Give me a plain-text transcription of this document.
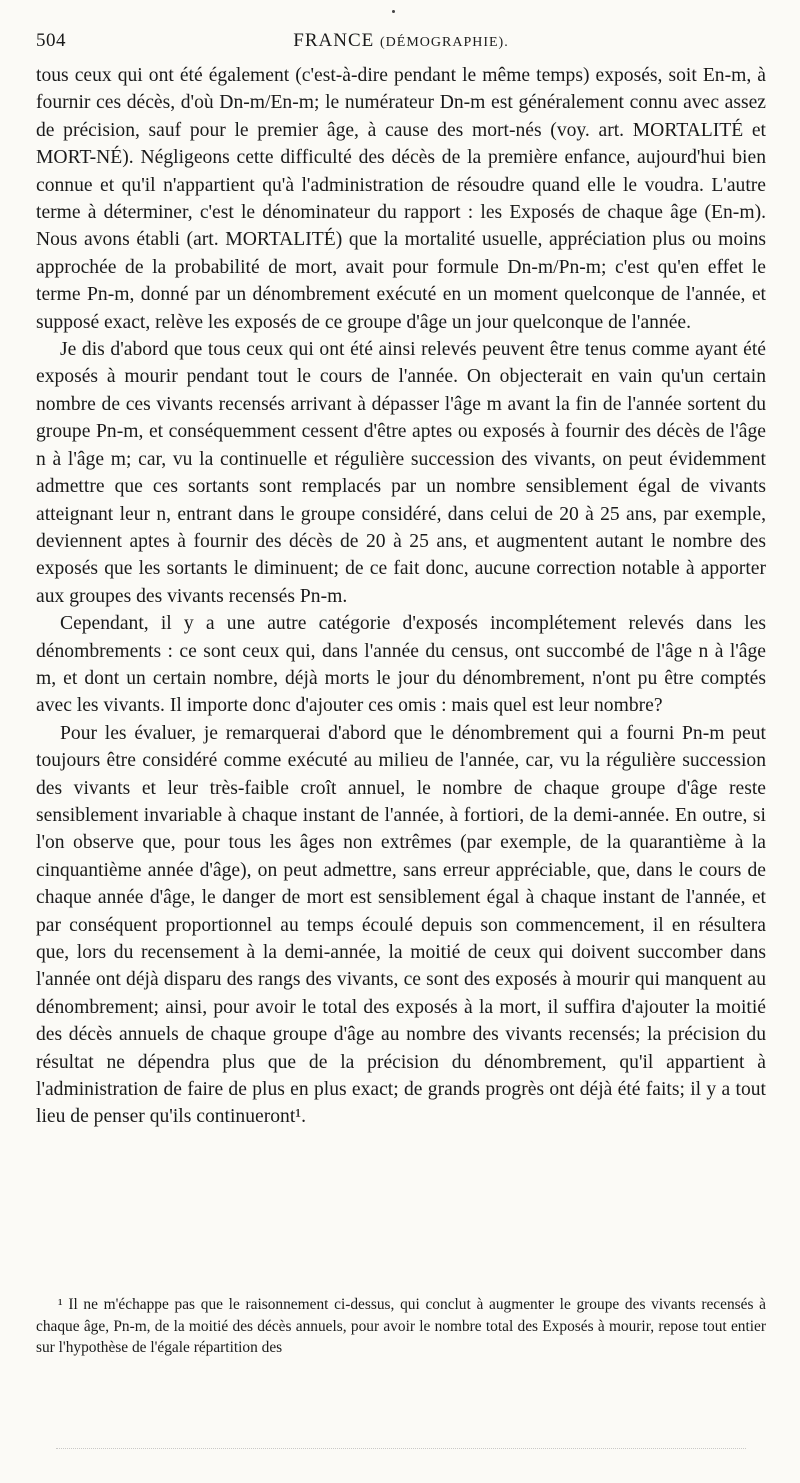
504	FRANCE (DÉMOGRAPHIE).

tous ceux qui ont été également (c'est-à-dire pendant le même temps) exposés, soit En-m, à fournir ces décès, d'où Dn-m/En-m; le numérateur Dn-m est généralement connu avec assez de précision, sauf pour le premier âge, à cause des mort-nés (voy. art. MORTALITÉ et MORT-NÉ). Négligeons cette difficulté des décès de la première enfance, aujourd'hui bien connue et qu'il n'appartient qu'à l'administration de résoudre quand elle le voudra. L'autre terme à déterminer, c'est le dénominateur du rapport : les Exposés de chaque âge (En-m). Nous avons établi (art. MORTALITÉ) que la mortalité usuelle, appréciation plus ou moins approchée de la probabilité de mort, avait pour formule Dn-m/Pn-m; c'est qu'en effet le terme Pn-m, donné par un dénombrement exécuté en un moment quelconque de l'année, et supposé exact, relève les exposés de ce groupe d'âge un jour quelconque de l'année.

Je dis d'abord que tous ceux qui ont été ainsi relevés peuvent être tenus comme ayant été exposés à mourir pendant tout le cours de l'année. On objecterait en vain qu'un certain nombre de ces vivants recensés arrivant à dépasser l'âge m avant la fin de l'année sortent du groupe Pn-m, et conséquemment cessent d'être aptes ou exposés à fournir des décès de l'âge n à l'âge m; car, vu la continuelle et régulière succession des vivants, on peut évidemment admettre que ces sortants sont remplacés par un nombre sensiblement égal de vivants atteignant leur n, entrant dans le groupe considéré, dans celui de 20 à 25 ans, par exemple, deviennent aptes à fournir des décès de 20 à 25 ans, et augmentent autant le nombre des exposés que les sortants le diminuent; de ce fait donc, aucune correction notable à apporter aux groupes des vivants recensés Pn-m.

Cependant, il y a une autre catégorie d'exposés incomplétement relevés dans les dénombrements : ce sont ceux qui, dans l'année du census, ont succombé de l'âge n à l'âge m, et dont un certain nombre, déjà morts le jour du dénombrement, n'ont pu être comptés avec les vivants. Il importe donc d'ajouter ces omis : mais quel est leur nombre?

Pour les évaluer, je remarquerai d'abord que le dénombrement qui a fourni Pn-m peut toujours être considéré comme exécuté au milieu de l'année, car, vu la régulière succession des vivants et leur très-faible croît annuel, le nombre de chaque groupe d'âge reste sensiblement invariable à chaque instant de l'année, à fortiori, de la demi-année. En outre, si l'on observe que, pour tous les âges non extrêmes (par exemple, de la quarantième à la cinquantième année d'âge), on peut admettre, sans erreur appréciable, que, dans le cours de chaque année d'âge, le danger de mort est sensiblement égal à chaque instant de l'année, et par conséquent proportionnel au temps écoulé depuis son commencement, il en résultera que, lors du recensement à la demi-année, la moitié de ceux qui doivent succomber dans l'année ont déjà disparu des rangs des vivants, ce sont des exposés à mourir qui manquent au dénombrement; ainsi, pour avoir le total des exposés à la mort, il suffira d'ajouter la moitié des décès annuels de chaque groupe d'âge au nombre des vivants recensés; la précision du résultat ne dépendra plus que de la précision du dénombrement, qu'il appartient à l'administration de faire de plus en plus exact; de grands progrès ont déjà été faits; il y a tout lieu de penser qu'ils continueront¹.

¹ Il ne m'échappe pas que le raisonnement ci-dessus, qui conclut à augmenter le groupe des vivants recensés à chaque âge, Pn-m, de la moitié des décès annuels, pour avoir le nombre total des Exposés à mourir, repose tout entier sur l'hypothèse de l'égale répartition des
